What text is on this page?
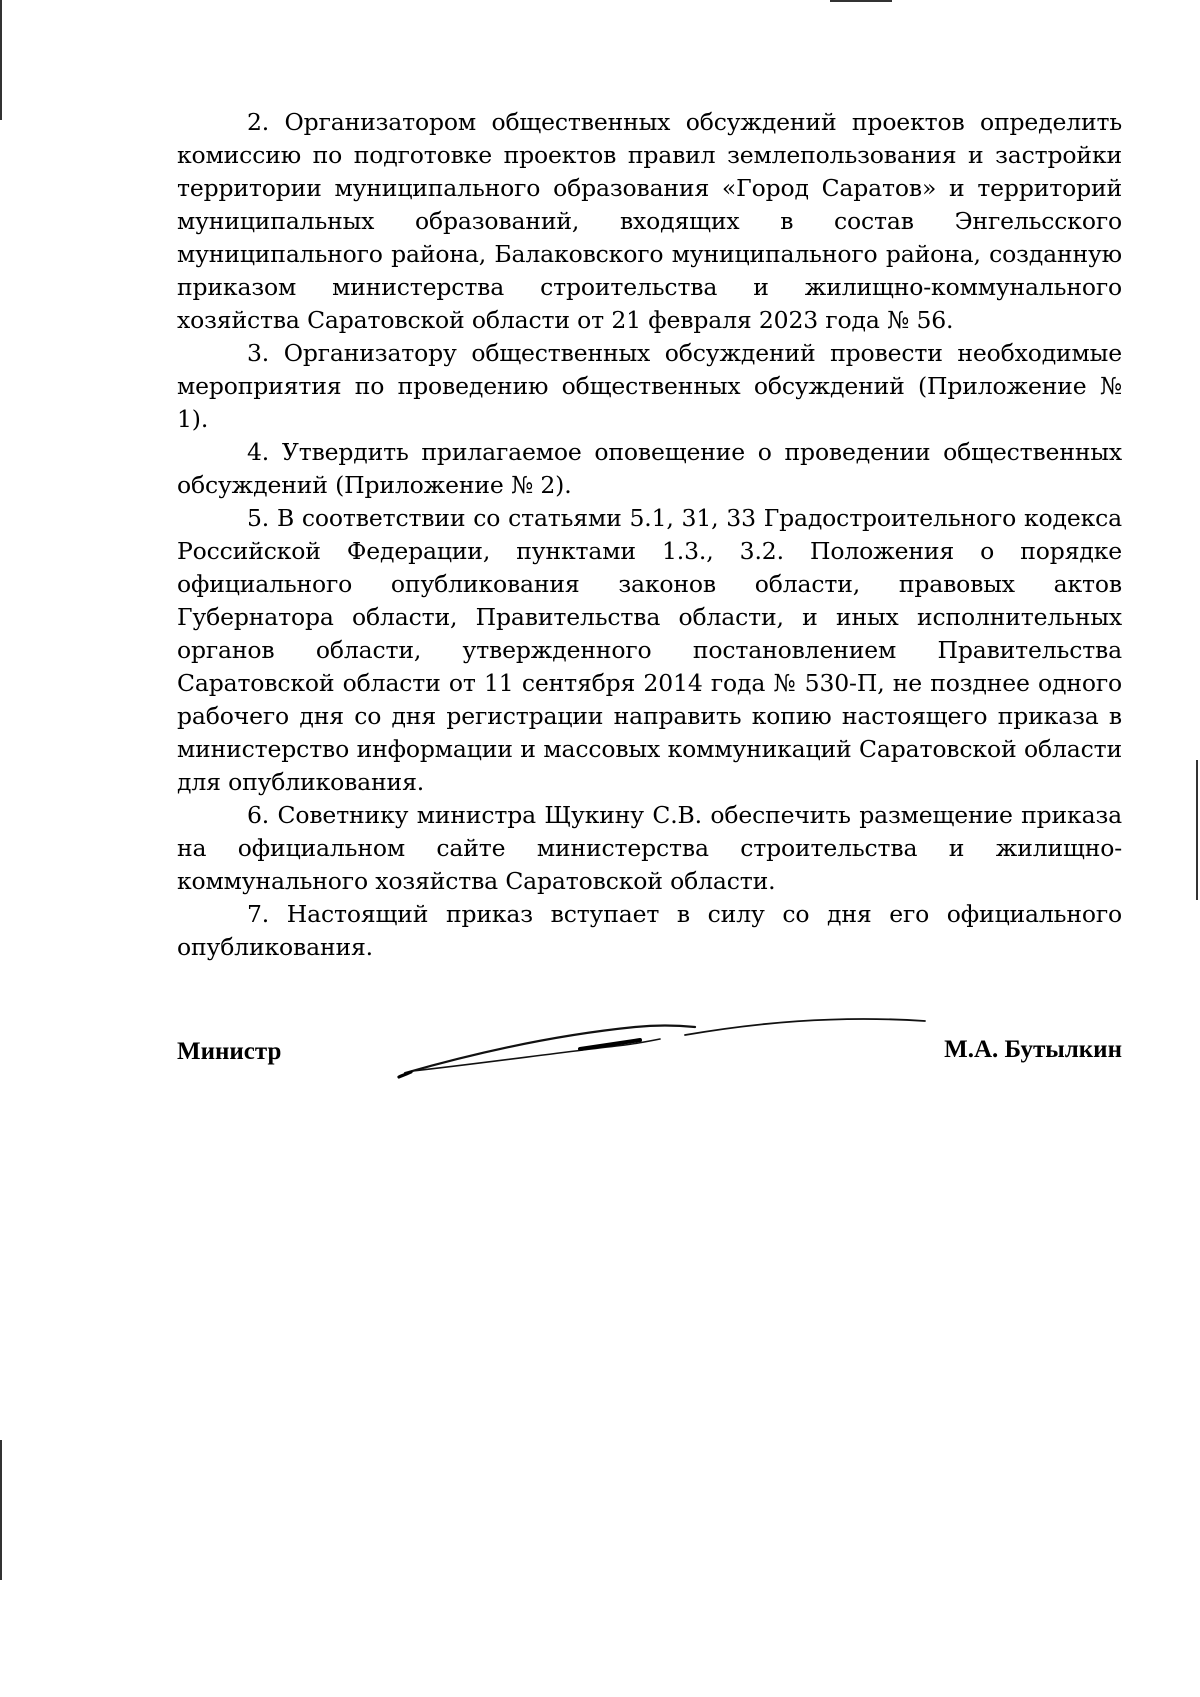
2. Организатором общественных обсуждений проектов определить комиссию по подготовке проектов правил землепользования и застройки территории муниципального образования «Город Саратов» и территорий муниципальных образований, входящих в состав Энгельсского муниципального района, Балаковского муниципального района, созданную приказом министерства строительства и жилищно-коммунального хозяйства Саратовской области от 21 февраля 2023 года № 56.

3. Организатору общественных обсуждений провести необходимые мероприятия по проведению общественных обсуждений (Приложение № 1).

4. Утвердить прилагаемое оповещение о проведении общественных обсуждений (Приложение № 2).

5. В соответствии со статьями 5.1, 31, 33 Градостроительного кодекса Российской Федерации, пунктами 1.3., 3.2. Положения о порядке официального опубликования законов области, правовых актов Губернатора области, Правительства области, и иных исполнительных органов области, утвержденного постановлением Правительства Саратовской области от 11 сентября 2014 года № 530-П, не позднее одного рабочего дня со дня регистрации направить копию настоящего приказа в министерство информации и массовых коммуникаций Саратовской области для опубликования.

6. Советнику министра Щукину С.В. обеспечить размещение приказа на официальном сайте министерства строительства и жилищно-коммунального хозяйства Саратовской области.

7. Настоящий приказ вступает в силу со дня его официального опубликования.

Министр	М.А. Бутылкин
